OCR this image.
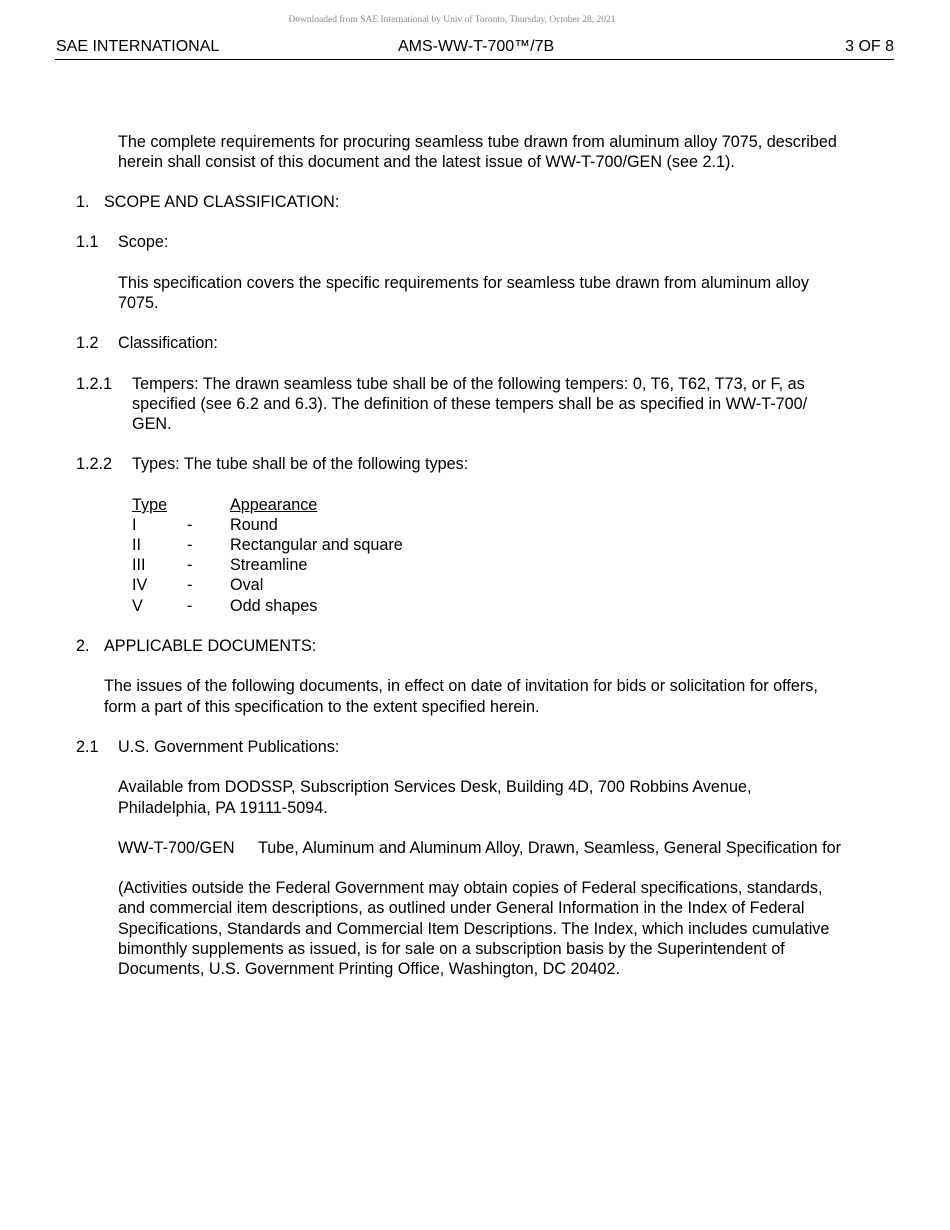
Downloaded from SAE International by Univ of Toronto, Thursday, October 28, 2021
SAE INTERNATIONAL	AMS-WW-T-700™/7B	3 OF 8
The complete requirements for procuring seamless tube drawn from aluminum alloy 7075, described
herein shall consist of this document and the latest issue of WW-T-700/GEN (see 2.1).
1. SCOPE AND CLASSIFICATION:
1.1 Scope:
This specification covers the specific requirements for seamless tube drawn from aluminum alloy
7075.
1.2 Classification:
1.2.1 Tempers: The drawn seamless tube shall be of the following tempers: 0, T6, T62, T73, or F, as
specified (see 6.2 and 6.3). The definition of these tempers shall be as specified in WW-T-700/
GEN.
1.2.2 Types: The tube shall be of the following types:
Type	Appearance
I	- Round
II	- Rectangular and square
III	- Streamline
IV - Oval
V	- Odd shapes
2. APPLICABLE DOCUMENTS:
The issues of the following documents, in effect on date of invitation for bids or solicitation for offers,
form a part of this specification to the extent specified herein.
2.1 U.S. Government Publications:
Available from DODSSP, Subscription Services Desk, Building 4D, 700 Robbins Avenue,
Philadelphia, PA 19111-5094.
WW-T-700/GEN Tube, Aluminum and Aluminum Alloy, Drawn, Seamless, General Specification for
(Activities outside the Federal Government may obtain copies of Federal specifications, standards,
and commercial item descriptions, as outlined under General Information in the Index of Federal
Specifications, Standards and Commercial Item Descriptions. The Index, which includes cumulative
bimonthly supplements as issued, is for sale on a subscription basis by the Superintendent of
Documents, U.S. Government Printing Office, Washington, DC 20402.
